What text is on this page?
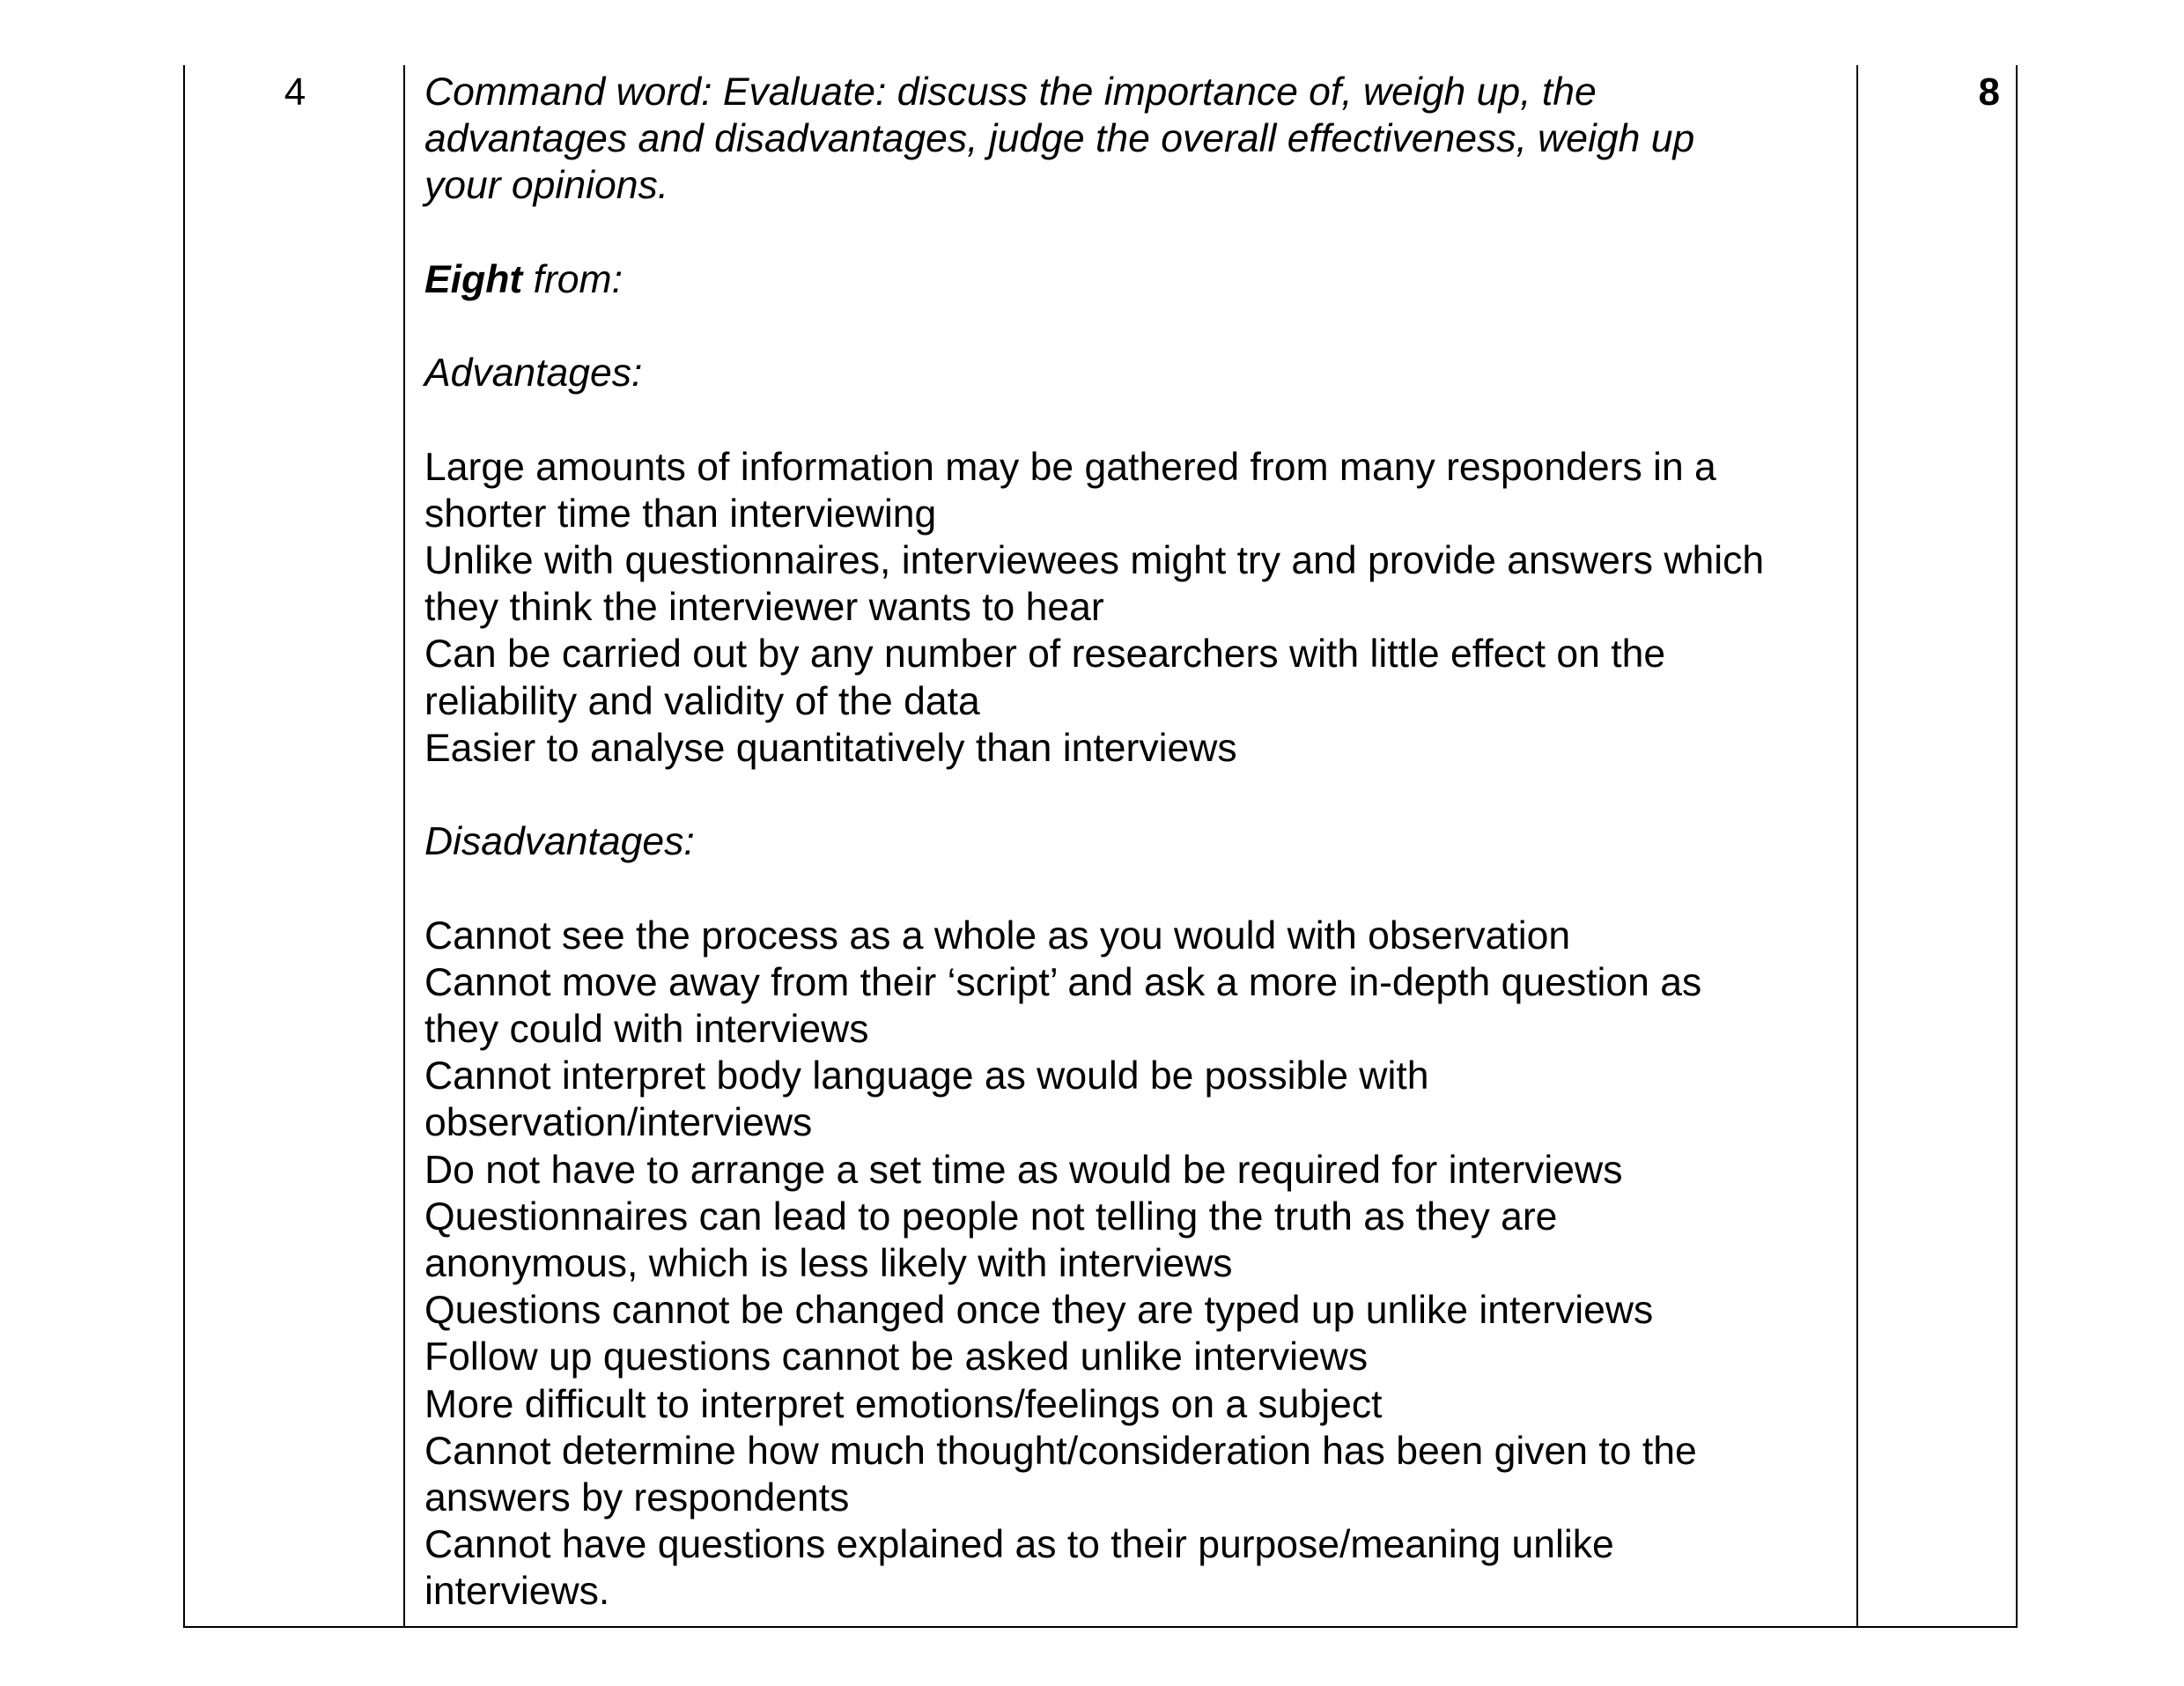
4	Command word: Evaluate: discuss the importance of, weigh up, the
advantages and disadvantages, judge the overall effectiveness, weigh up
your opinions.
Eight from:
Advantages:
Large amounts of information may be gathered from many responders in a
shorter time than interviewing
Unlike with questionnaires, interviewees might try and provide answers which
they think the interviewer wants to hear
Can be carried out by any number of researchers with little effect on the
reliability and validity of the data
Easier to analyse quantitatively than interviews
Disadvantages:
Cannot see the process as a whole as you would with observation
Cannot move away from their ‘script’ and ask a more in-depth question as
they could with interviews
Cannot interpret body language as would be possible with
observation/interviews
Do not have to arrange a set time as would be required for interviews
Questionnaires can lead to people not telling the truth as they are
anonymous, which is less likely with interviews
Questions cannot be changed once they are typed up unlike interviews
Follow up questions cannot be asked unlike interviews
More difficult to interpret emotions/feelings on a subject
Cannot determine how much thought/consideration has been given to the
answers by respondents
Cannot have questions explained as to their purpose/meaning unlike
interviews.
8
